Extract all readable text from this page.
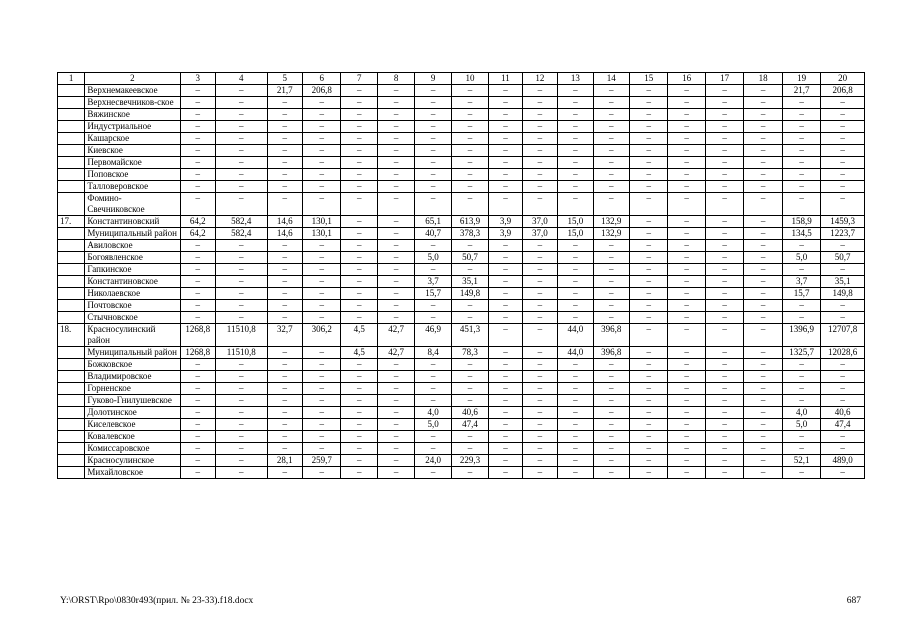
1	2	3	4	5	6	7	8	9	10	11	12	13	14	15	16	17	18	19	20
	Верхнемакеевское	–	–	21,7	206,8	–	–	–	–	–	–	–	–	–	–	–	–	21,7	206,8
	Верхнесвечников-ское	–	–	–	–	–	–	–	–	–	–	–	–	–	–	–	–	–	–
	Вяжинское	–	–	–	–	–	–	–	–	–	–	–	–	–	–	–	–	–	–
	Индустриальное	–	–	–	–	–	–	–	–	–	–	–	–	–	–	–	–	–	–
	Кашарское	–	–	–	–	–	–	–	–	–	–	–	–	–	–	–	–	–	–
	Киевское	–	–	–	–	–	–	–	–	–	–	–	–	–	–	–	–	–	–
	Первомайское	–	–	–	–	–	–	–	–	–	–	–	–	–	–	–	–	–	–
	Поповское	–	–	–	–	–	–	–	–	–	–	–	–	–	–	–	–	–	–
	Талловеровское	–	–	–	–	–	–	–	–	–	–	–	–	–	–	–	–	–	–
	Фомино-Свечниковское	–	–	–	–	–	–	–	–	–	–	–	–	–	–	–	–	–	–
17.	Константиновский	64,2	582,4	14,6	130,1	–	–	65,1	613,9	3,9	37,0	15,0	132,9	–	–	–	–	158,9	1459,3
	Муниципальный район	64,2	582,4	14,6	130,1	–	–	40,7	378,3	3,9	37,0	15,0	132,9	–	–	–	–	134,5	1223,7
	Авиловское	–	–	–	–	–	–	–	–	–	–	–	–	–	–	–	–	–	–
	Богоявленское	–	–	–	–	–	–	5,0	50,7	–	–	–	–	–	–	–	–	5,0	50,7
	Гапкинское	–	–	–	–	–	–	–	–	–	–	–	–	–	–	–	–	–	–
	Константиновское	–	–	–	–	–	–	3,7	35,1	–	–	–	–	–	–	–	–	3,7	35,1
	Николаевское	–	–	–	–	–	–	15,7	149,8	–	–	–	–	–	–	–	–	15,7	149,8
	Почтовское	–	–	–	–	–	–	–	–	–	–	–	–	–	–	–	–	–	–
	Стычновское	–	–	–	–	–	–	–	–	–	–	–	–	–	–	–	–	–	–
18.	Красносулинский район	1268,8	11510,8	32,7	306,2	4,5	42,7	46,9	451,3	–	–	44,0	396,8	–	–	–	–	1396,9	12707,8
	Муниципальный район	1268,8	11510,8	–	–	4,5	42,7	8,4	78,3	–	–	44,0	396,8	–	–	–	–	1325,7	12028,6
	Божковское	–	–	–	–	–	–	–	–	–	–	–	–	–	–	–	–	–	–
	Владимировское	–	–	–	–	–	–	–	–	–	–	–	–	–	–	–	–	–	–
	Горненское	–	–	–	–	–	–	–	–	–	–	–	–	–	–	–	–	–	–
	Гуково-Гнилушевское	–	–	–	–	–	–	–	–	–	–	–	–	–	–	–	–	–	–
	Долотинское	–	–	–	–	–	–	4,0	40,6	–	–	–	–	–	–	–	–	4,0	40,6
	Киселевское	–	–	–	–	–	–	5,0	47,4	–	–	–	–	–	–	–	–	5,0	47,4
	Ковалевское	–	–	–	–	–	–	–	–	–	–	–	–	–	–	–	–	–	–
	Комиссаровское	–	–	–	–	–	–	–	–	–	–	–	–	–	–	–	–	–	–
	Красносулинское	–	–	28,1	259,7	–	–	24,0	229,3	–	–	–	–	–	–	–	–	52,1	489,0
	Михайловское	–	–	–	–	–	–	–	–	–	–	–	–	–	–	–	–	–	–
Y:\ORST\Rpo\0830r493(прил. № 23-33).f18.docx	687
